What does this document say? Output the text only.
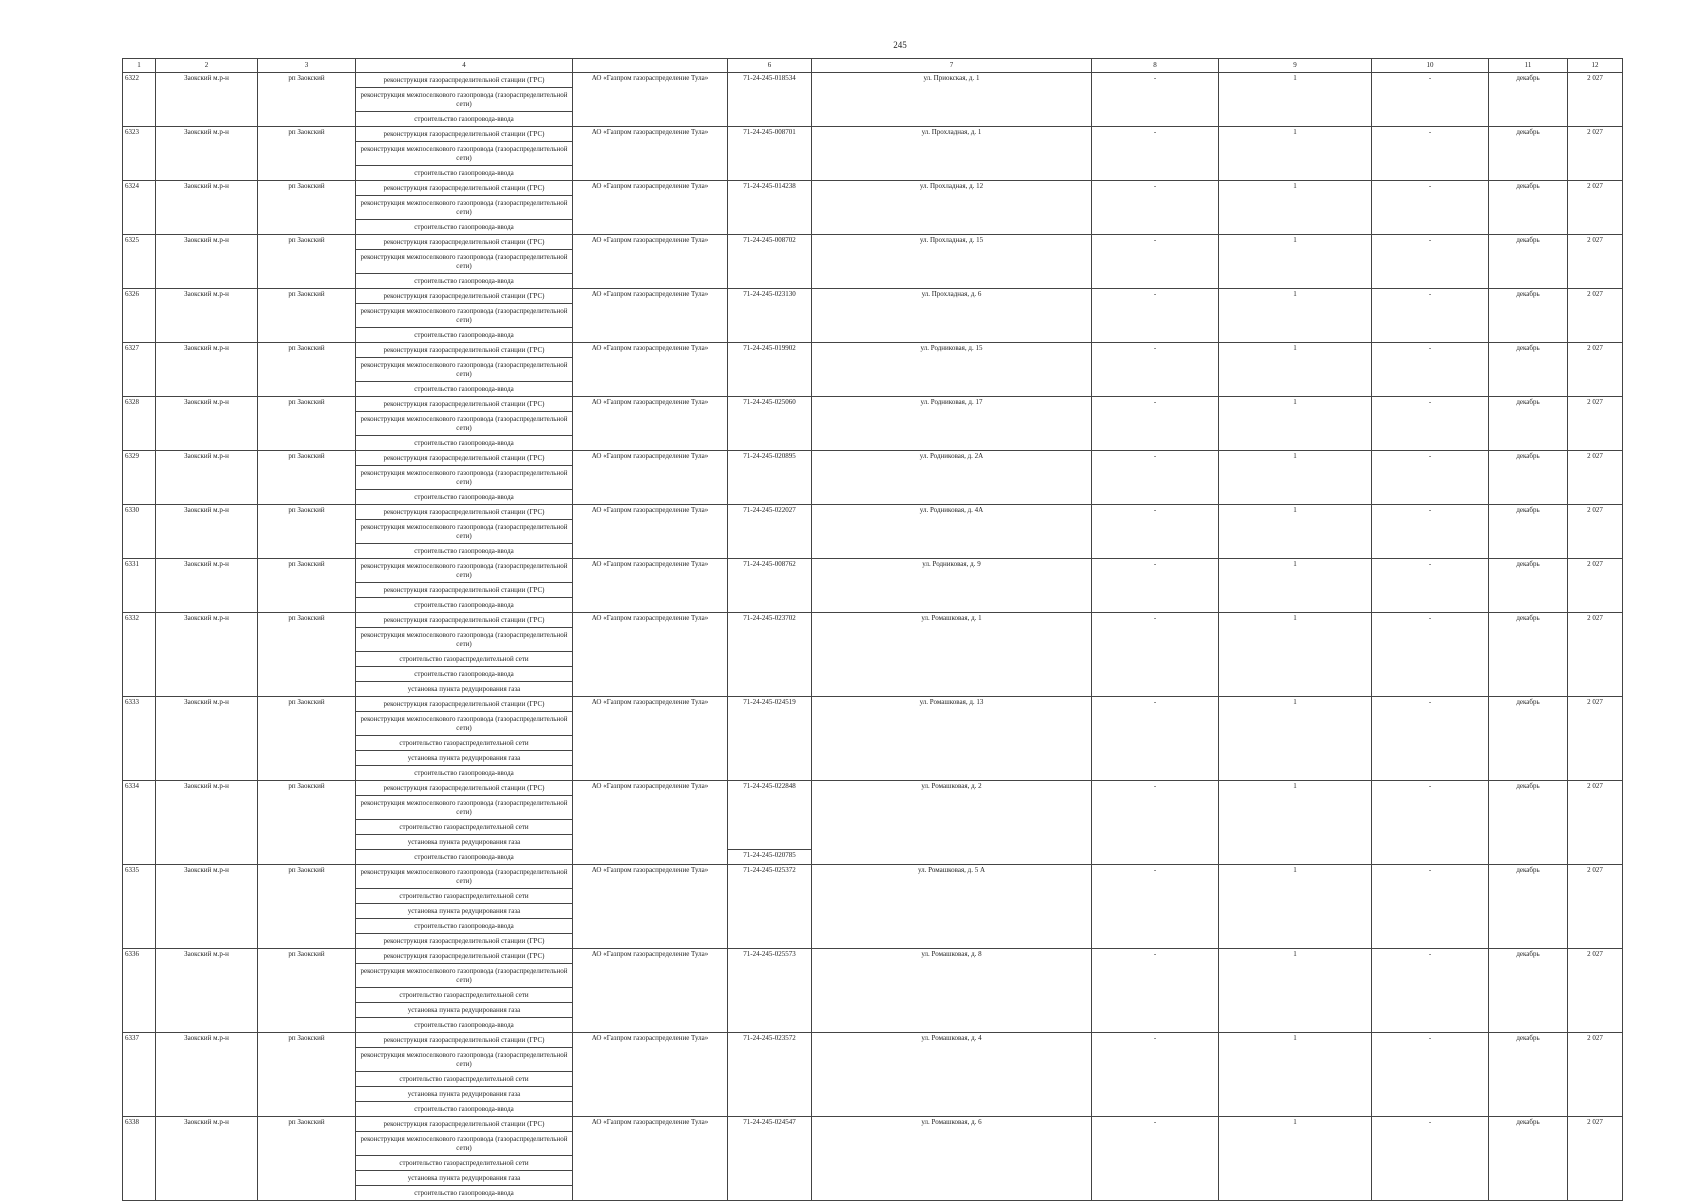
245
1	2	3	4		6	7	8	9	10	11	12
6322	Заокский м.р-н	рп Заокский	реконструкция газораспределительной станции (ГРС)	АО «Газпром газораспределение Тула»	71-24-245-018534	ул. Приокская, д. 1	-	1	-	декабрь	2 027
			реконструкция межпоселкового газопровода (газораспределительной сети)								
			строительство газопровода-ввода								
6323	Заокский м.р-н	рп Заокский	реконструкция газораспределительной станции (ГРС)	АО «Газпром газораспределение Тула»	71-24-245-008701	ул. Прохладная, д. 1	-	1	-	декабрь	2 027
			реконструкция межпоселкового газопровода (газораспределительной сети)								
			строительство газопровода-ввода								
6324	Заокский м.р-н	рп Заокский	реконструкция газораспределительной станции (ГРС)	АО «Газпром газораспределение Тула»	71-24-245-014238	ул. Прохладная, д. 12	-	1	-	декабрь	2 027
			реконструкция межпоселкового газопровода (газораспределительной сети)								
			строительство газопровода-ввода								
6325	Заокский м.р-н	рп Заокский	реконструкция газораспределительной станции (ГРС)	АО «Газпром газораспределение Тула»	71-24-245-008702	ул. Прохладная, д. 15	-	1	-	декабрь	2 027
			реконструкция межпоселкового газопровода (газораспределительной сети)								
			строительство газопровода-ввода								
6326	Заокский м.р-н	рп Заокский	реконструкция газораспределительной станции (ГРС)	АО «Газпром газораспределение Тула»	71-24-245-023130	ул. Прохладная, д. 6	-	1	-	декабрь	2 027
			реконструкция межпоселкового газопровода (газораспределительной сети)								
			строительство газопровода-ввода								
6327	Заокский м.р-н	рп Заокский	реконструкция газораспределительной станции (ГРС)	АО «Газпром газораспределение Тула»	71-24-245-019902	ул. Родниковая, д. 15	-	1	-	декабрь	2 027
			реконструкция межпоселкового газопровода (газораспределительной сети)								
			строительство газопровода-ввода								
6328	Заокский м.р-н	рп Заокский	реконструкция газораспределительной станции (ГРС)	АО «Газпром газораспределение Тула»	71-24-245-025060	ул. Родниковая, д. 17	-	1	-	декабрь	2 027
			реконструкция межпоселкового газопровода (газораспределительной сети)								
			строительство газопровода-ввода								
6329	Заокский м.р-н	рп Заокский	реконструкция газораспределительной станции (ГРС)	АО «Газпром газораспределение Тула»	71-24-245-020895	ул. Родниковая, д. 2А	-	1	-	декабрь	2 027
			реконструкция межпоселкового газопровода (газораспределительной сети)								
			строительство газопровода-ввода								
6330	Заокский м.р-н	рп Заокский	реконструкция газораспределительной станции (ГРС)	АО «Газпром газораспределение Тула»	71-24-245-022027	ул. Родниковая, д. 4А	-	1	-	декабрь	2 027
			реконструкция межпоселкового газопровода (газораспределительной сети)								
			строительство газопровода-ввода								
6331	Заокский м.р-н	рп Заокский	реконструкция межпоселкового газопровода (газораспределительной сети)	АО «Газпром газораспределение Тула»	71-24-245-008762	ул. Родниковая, д. 9	-	1	-	декабрь	2 027
			реконструкция газораспределительной станции (ГРС)								
			строительство газопровода-ввода								
6332	Заокский м.р-н	рп Заокский	реконструкция газораспределительной станции (ГРС)	АО «Газпром газораспределение Тула»	71-24-245-023702	ул. Ромашковая, д. 1	-	1	-	декабрь	2 027
			реконструкция межпоселкового газопровода (газораспределительной сети)								
			строительство газораспределительной сети								
			строительство газопровода-ввода								
			установка пункта редуцирования газа								
6333	Заокский м.р-н	рп Заокский	реконструкция газораспределительной станции (ГРС)	АО «Газпром газораспределение Тула»	71-24-245-024519	ул. Ромашковая, д. 13	-	1	-	декабрь	2 027
			реконструкция межпоселкового газопровода (газораспределительной сети)								
			строительство газораспределительной сети								
			установка пункта редуцирования газа								
			строительство газопровода-ввода								
6334	Заокский м.р-н	рп Заокский	реконструкция газораспределительной станции (ГРС)	АО «Газпром газораспределение Тула»	71-24-245-022848	ул. Ромашковая, д. 2	-	1	-	декабрь	2 027
			реконструкция межпоселкового газопровода (газораспределительной сети)								
			строительство газораспределительной сети								
			установка пункта редуцирования газа								
			строительство газопровода-ввода		71-24-245-020785						
6335	Заокский м.р-н	рп Заокский	реконструкция межпоселкового газопровода (газораспределительной сети)	АО «Газпром газораспределение Тула»	71-24-245-025372	ул. Ромашковая, д. 5 А	-	1	-	декабрь	2 027
			строительство газораспределительной сети								
			установка пункта редуцирования газа								
			строительство газопровода-ввода								
			реконструкция газораспределительной станции (ГРС)								
6336	Заокский м.р-н	рп Заокский	реконструкция газораспределительной станции (ГРС)	АО «Газпром газораспределение Тула»	71-24-245-025573	ул. Ромашковая, д. 8	-	1	-	декабрь	2 027
			реконструкция межпоселкового газопровода (газораспределительной сети)								
			строительство газораспределительной сети								
			установка пункта редуцирования газа								
			строительство газопровода-ввода								
6337	Заокский м.р-н	рп Заокский	реконструкция газораспределительной станции (ГРС)	АО «Газпром газораспределение Тула»	71-24-245-023572	ул. Ромашковая, д. 4	-	1	-	декабрь	2 027
			реконструкция межпоселкового газопровода (газораспределительной сети)								
			строительство газораспределительной сети								
			установка пункта редуцирования газа								
			строительство газопровода-ввода								
6338	Заокский м.р-н	рп Заокский	реконструкция газораспределительной станции (ГРС)	АО «Газпром газораспределение Тула»	71-24-245-024547	ул. Ромашковая, д. 6	-	1	-	декабрь	2 027
			реконструкция межпоселкового газопровода (газораспределительной сети)								
			строительство газораспределительной сети								
			установка пункта редуцирования газа								
			строительство газопровода-ввода								
